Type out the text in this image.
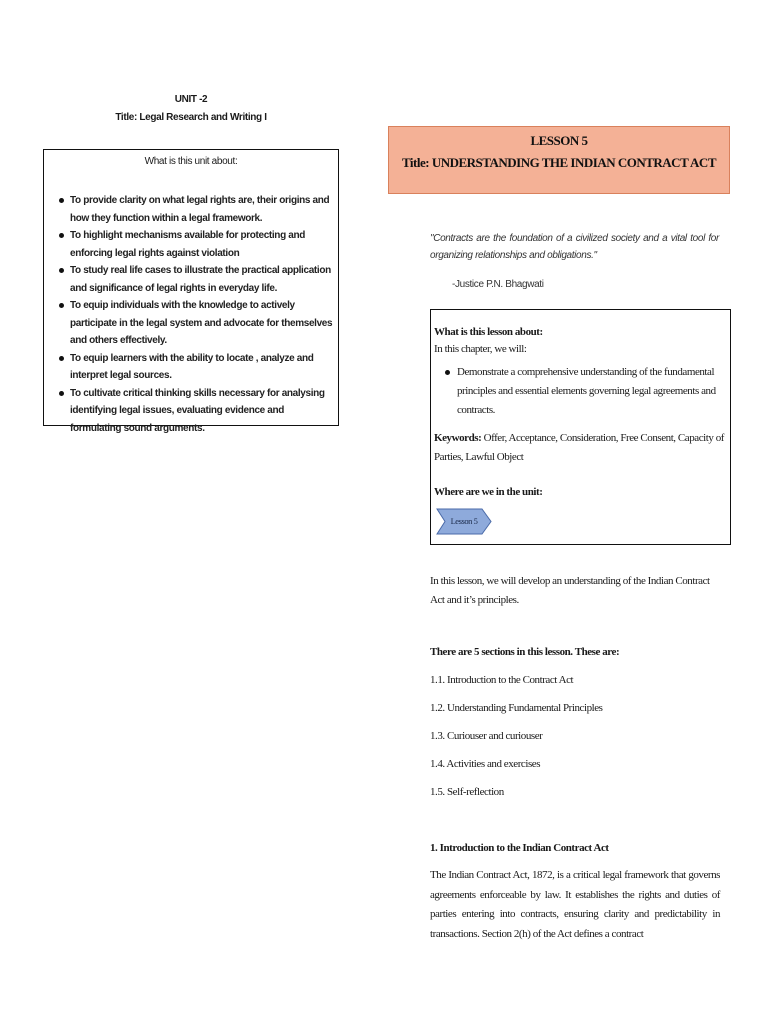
UNIT -2
Title: Legal Research and Writing I
What is this unit about:
To provide clarity on what legal rights are, their origins and how they function within a legal framework.
To highlight mechanisms available for protecting and enforcing legal rights against violation
To study real life cases to illustrate the practical application and significance of legal rights in everyday life.
To equip individuals with the knowledge to actively participate in the legal system and advocate for themselves and others effectively.
To equip learners with the ability to locate , analyze and interpret legal sources.
To cultivate critical thinking skills necessary for analysing identifying legal issues, evaluating evidence and formulating sound arguments.
LESSON 5
Title: UNDERSTANDING THE INDIAN CONTRACT ACT
"Contracts are the foundation of a civilized society and a vital tool for organizing relationships and obligations."
-Justice P.N. Bhagwati
What is this lesson about:
In this chapter, we will:
Demonstrate a comprehensive understanding of the fundamental principles and essential elements governing legal agreements and contracts.
Keywords: Offer, Acceptance, Consideration, Free Consent, Capacity of Parties, Lawful Object
Where are we in the unit:
Lesson 5
In this lesson, we will develop an understanding of the Indian Contract Act and it’s principles.
There are 5 sections in this lesson. These are:
1.1. Introduction to the Contract Act
1.2. Understanding Fundamental Principles
1.3. Curiouser and curiouser
1.4. Activities and exercises
1.5. Self-reflection
1. Introduction to the Indian Contract Act
The Indian Contract Act, 1872, is a critical legal framework that governs agreements enforceable by law. It establishes the rights and duties of parties entering into contracts, ensuring clarity and predictability in transactions. Section 2(h) of the Act defines a contract
